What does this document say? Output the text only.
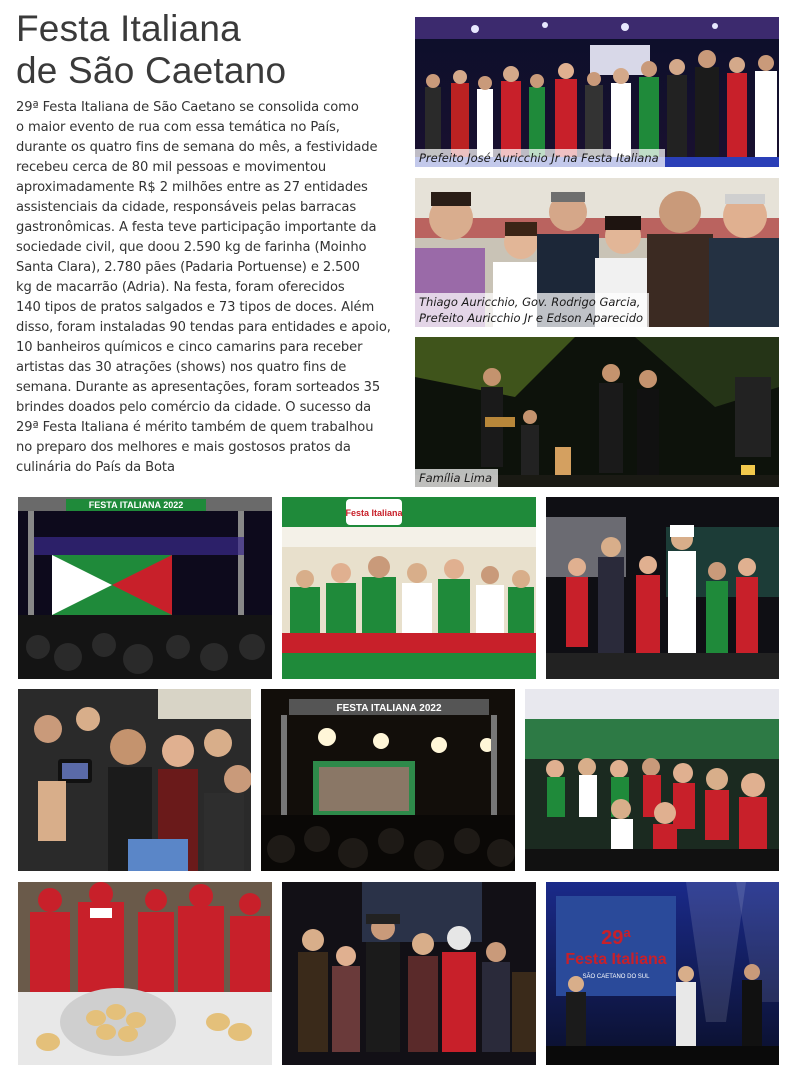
Festa Italiana
de São Caetano
29ª Festa Italiana de São Caetano se consolida como
o maior evento de rua com essa temática no País,
durante os quatro fins de semana do mês, a festividade
recebeu cerca de 80 mil pessoas e movimentou
aproximadamente R$ 2 milhões entre as 27 entidades
assistenciais da cidade, responsáveis pelas barracas
gastronômicas. A festa teve participação importante da
sociedade civil, que doou 2.590 kg de farinha (Moinho
Santa Clara), 2.780 pães (Padaria Portuense) e 2.500
kg de macarrão (Adria). Na festa, foram oferecidos
140 tipos de pratos salgados e 73 tipos de doces. Além
disso, foram instaladas 90 tendas para entidades e apoio,
10 banheiros químicos e cinco camarins para receber
artistas das 30 atrações (shows) nos quatro fins de
semana. Durante as apresentações, foram sorteados 35
brindes doados pelo comércio da cidade. O sucesso da
29ª Festa Italiana é mérito também de quem trabalhou
no preparo dos melhores e mais gostosos pratos da
culinária do País da Bota
Prefeito José Auricchio Jr na Festa Italiana
Thiago Auricchio, Gov. Rodrigo Garcia,
Prefeito Auricchio Jr e Edson Aparecido
Família Lima
FESTA ITALIANA 2022
Festa Italiana
FESTA ITALIANA 2022
29ª
Festa Italiana
SÃO CAETANO DO SUL
